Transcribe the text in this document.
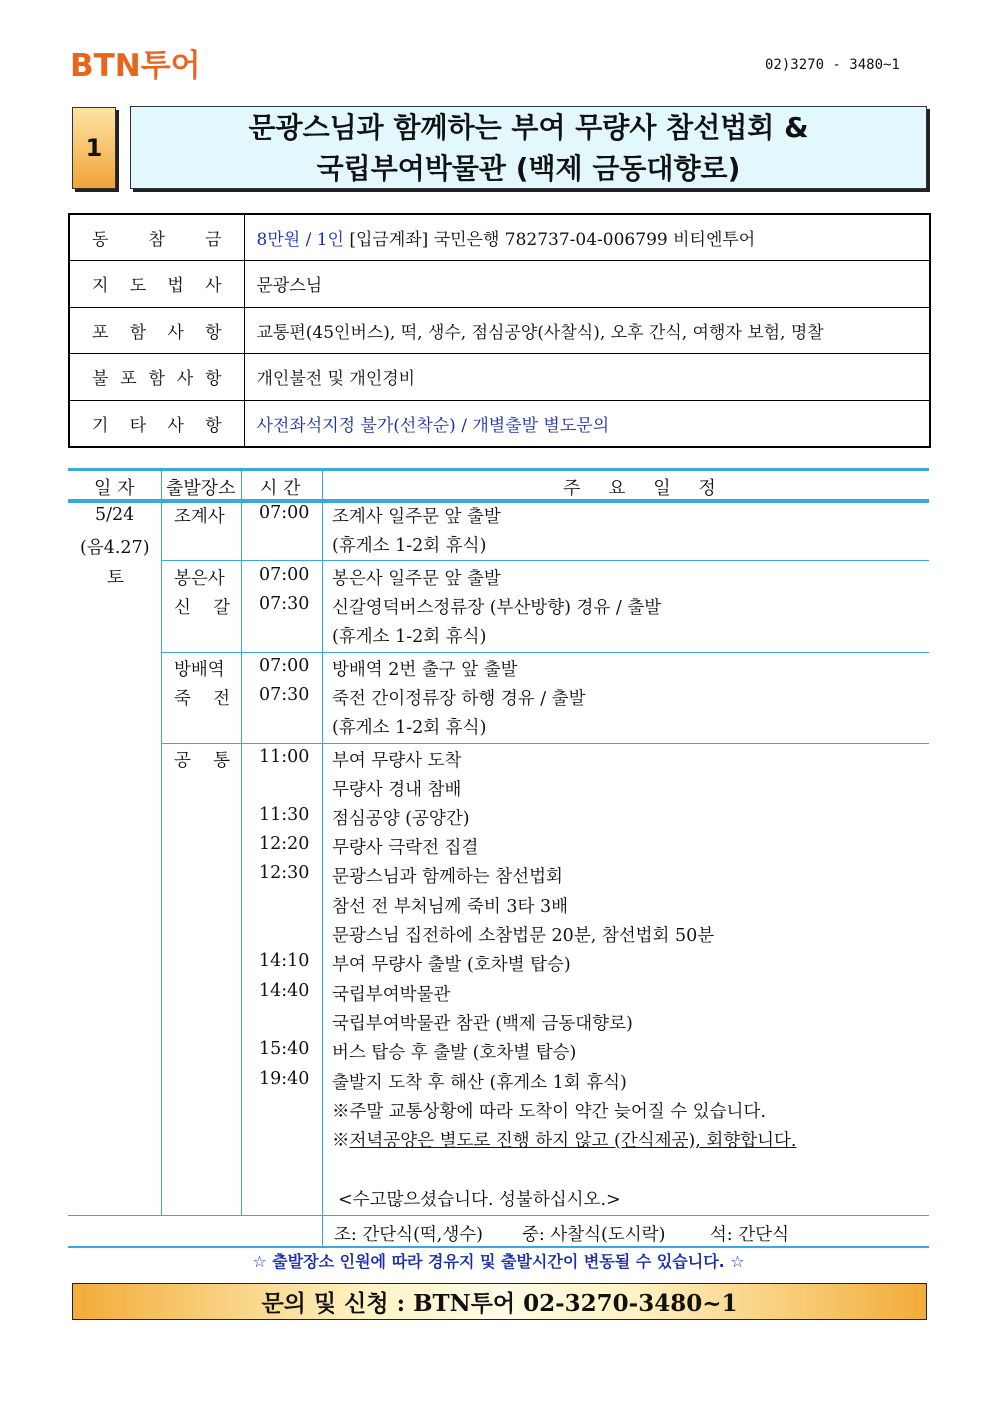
BTN투어	02)3270 - 3480~1
1
문광스님과 함께하는 부여 무량사 참선법회 &
국립부여박물관 (백제 금동대향로)
동 참 금	8만원 / 1인 [입금계좌] 국민은행 782737-04-006799 비티엔투어

지 도 법 사	문광스님

포 함 사 항	교통편(45인버스), 떡, 생수, 점심공양(사찰식), 오후 간식, 여행자 보험, 명찰

불 포 함 사 항	개인불전 및 개인경비

기 타 사 항	사전좌석지정 불가(선착순) / 개별출발 별도문의
일 자 출발장소 시 간	주 요 일 정
5/24
(음4.27)
토
조계사 07:00 조계사 일주문 앞 출발
(휴게소 1-2회 휴식)
봉은사 07:00 봉은사 일주문 앞 출발
신 갈 07:30 신갈영덕버스정류장 (부산방향) 경유 / 출발
(휴게소 1-2회 휴식)
방배역 07:00 방배역 2번 출구 앞 출발
죽 전 07:30 죽전 간이정류장 하행 경유 / 출발
(휴게소 1-2회 휴식)
공 통 11:00 부여 무량사 도착
무량사 경내 참배
11:30 점심공양 (공양간)
12:20 무량사 극락전 집결
12:30 문광스님과 함께하는 참선법회
참선 전 부처님께 죽비 3타 3배
문광스님 집전하에 소참법문 20분, 참선법회 50분
14:10 부여 무량사 출발 (호차별 탑승)
14:40 국립부여박물관
국립부여박물관 참관 (백제 금동대향로)
15:40 버스 탑승 후 출발 (호차별 탑승)
19:40 출발지 도착 후 해산 (휴게소 1회 휴식)
※주말 교통상황에 따라 도착이 약간 늦어질 수 있습니다.
※저녁공양은 별도로 진행 하지 않고 (간식제공), 회향합니다.
<수고많으셨습니다. 성불하십시오.>
조: 간단식(떡,생수)       중: 사찰식(도시락)        석: 간단식
☆ 출발장소 인원에 따라 경유지 및 출발시간이 변동될 수 있습니다. ☆
문의 및 신청 : BTN투어 02-3270-3480~1
